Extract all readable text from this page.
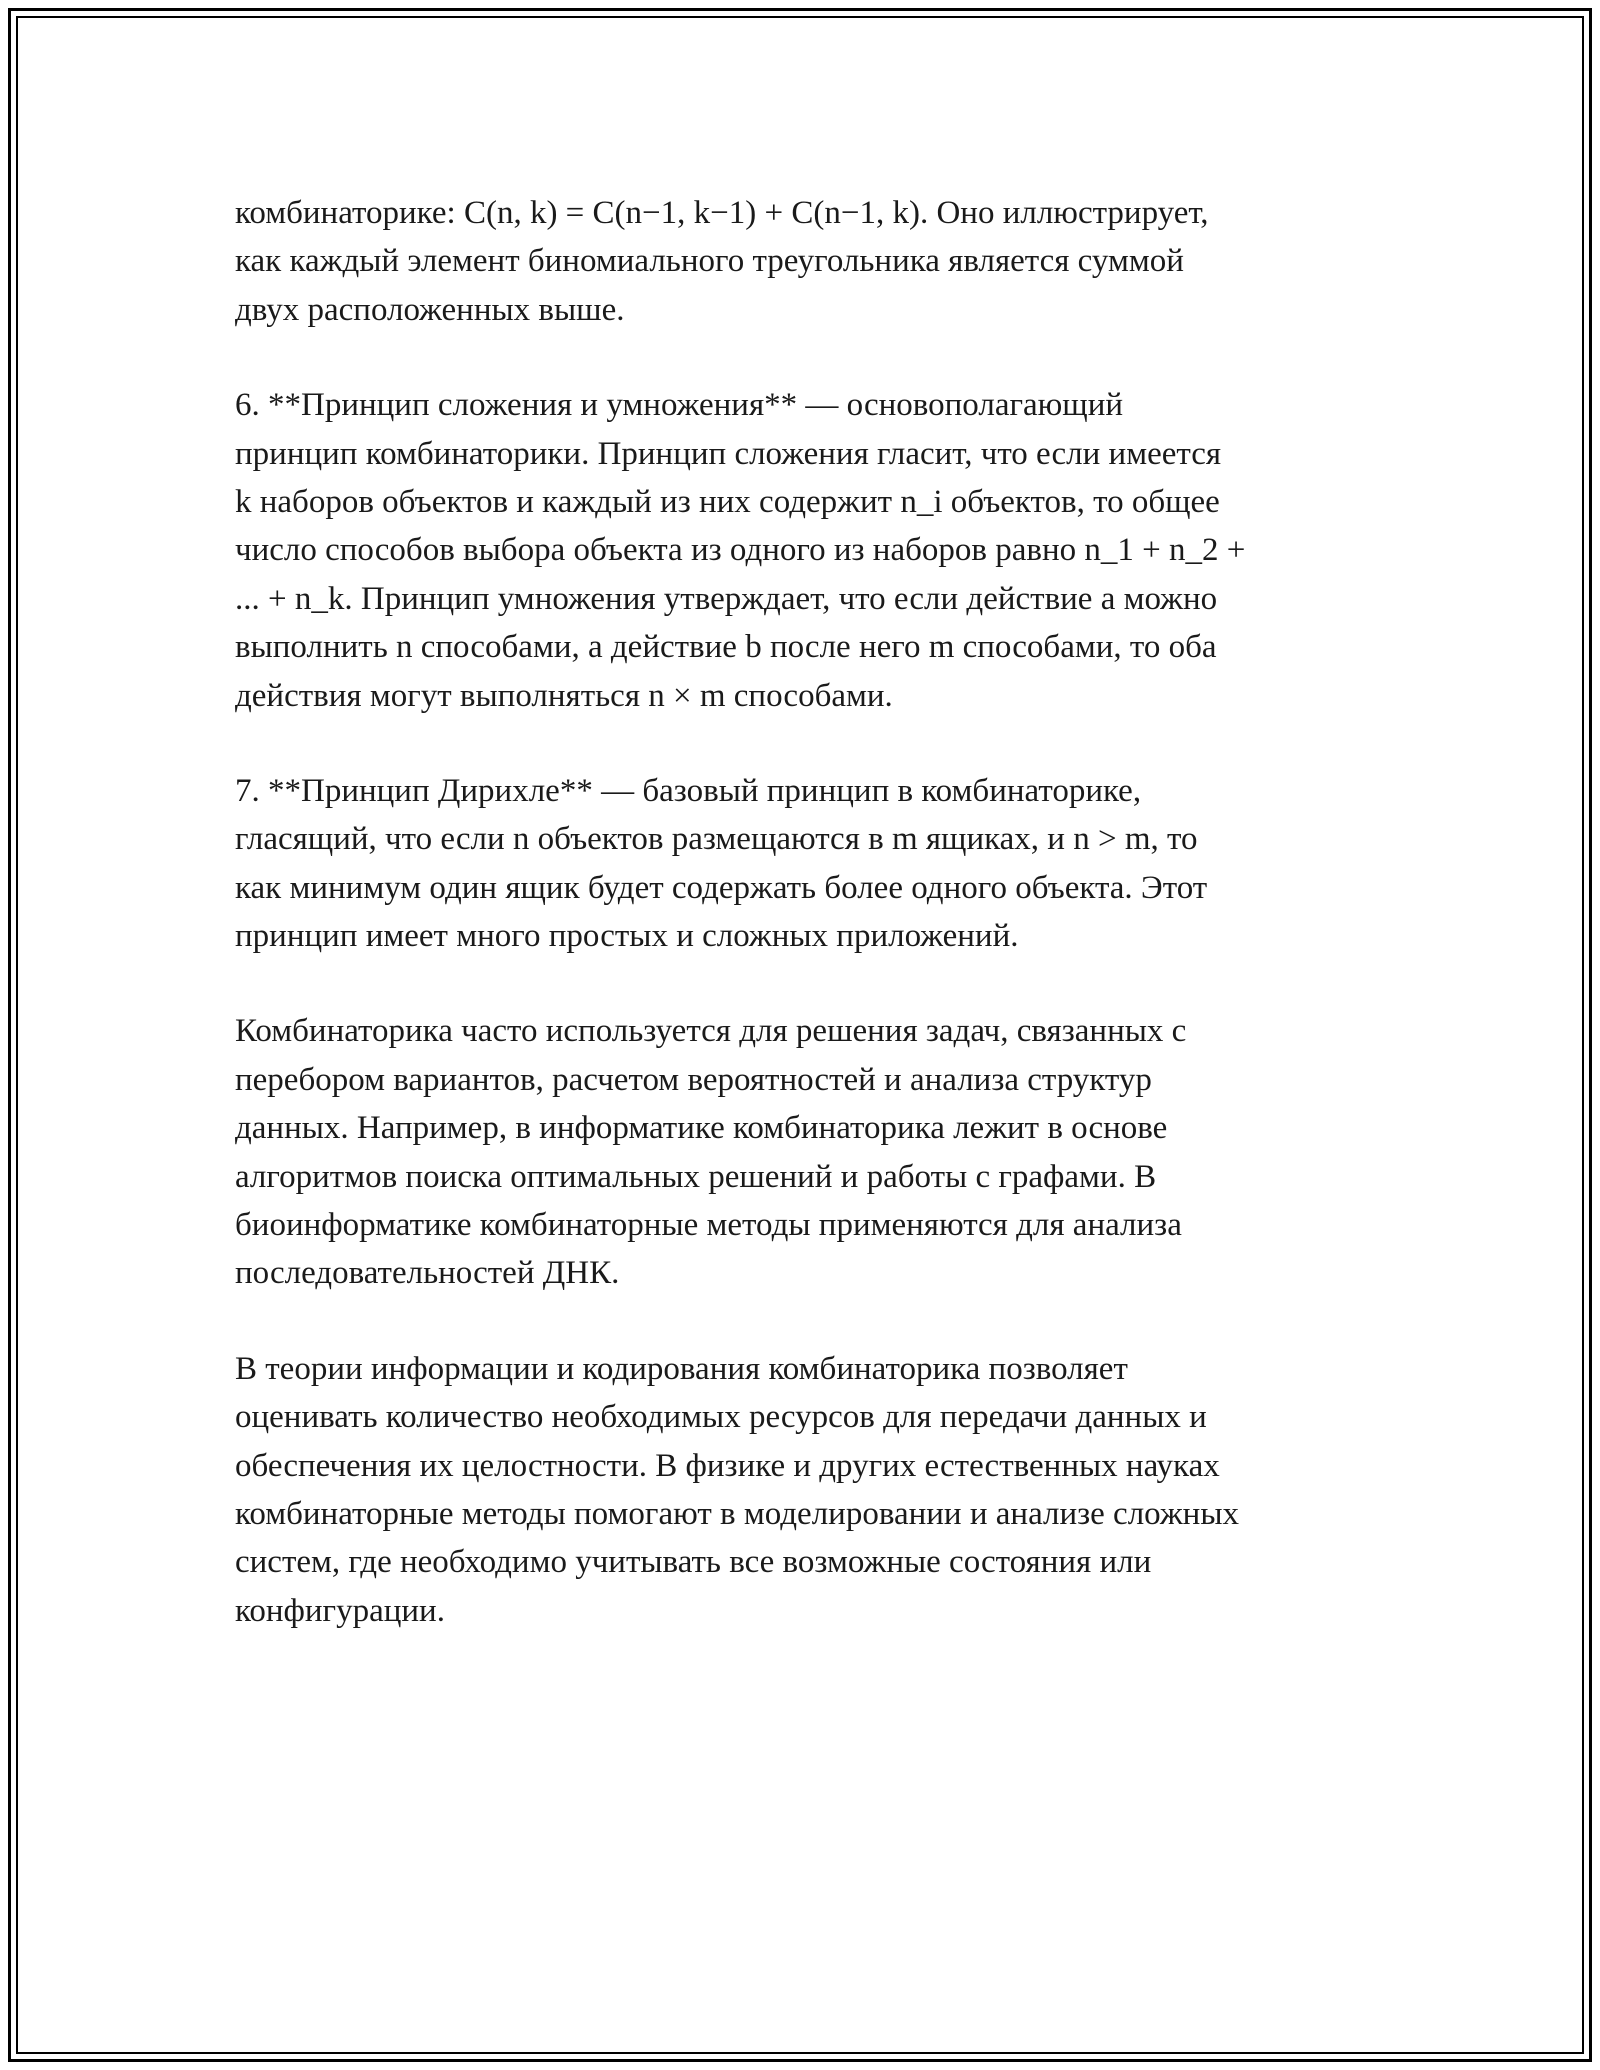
комбинаторике: C(n, k) = C(n−1, k−1) + C(n−1, k). Оно иллюстрирует,
как каждый элемент биномиального треугольника является суммой
двух расположенных выше.
6. **Принцип сложения и умножения** — основополагающий
принцип комбинаторики. Принцип сложения гласит, что если имеется
k наборов объектов и каждый из них содержит n_i объектов, то общее
число способов выбора объекта из одного из наборов равно n_1 + n_2 +
... + n_k. Принцип умножения утверждает, что если действие a можно
выполнить n способами, а действие b после него m способами, то оба
действия могут выполняться n × m способами.
7. **Принцип Дирихле** — базовый принцип в комбинаторике,
гласящий, что если n объектов размещаются в m ящиках, и n > m, то
как минимум один ящик будет содержать более одного объекта. Этот
принцип имеет много простых и сложных приложений.
Комбинаторика часто используется для решения задач, связанных с
перебором вариантов, расчетом вероятностей и анализа структур
данных. Например, в информатике комбинаторика лежит в основе
алгоритмов поиска оптимальных решений и работы с графами. В
биоинформатике комбинаторные методы применяются для анализа
последовательностей ДНК.
В теории информации и кодирования комбинаторика позволяет
оценивать количество необходимых ресурсов для передачи данных и
обеспечения их целостности. В физике и других естественных науках
комбинаторные методы помогают в моделировании и анализе сложных
систем, где необходимо учитывать все возможные состояния или
конфигурации.
